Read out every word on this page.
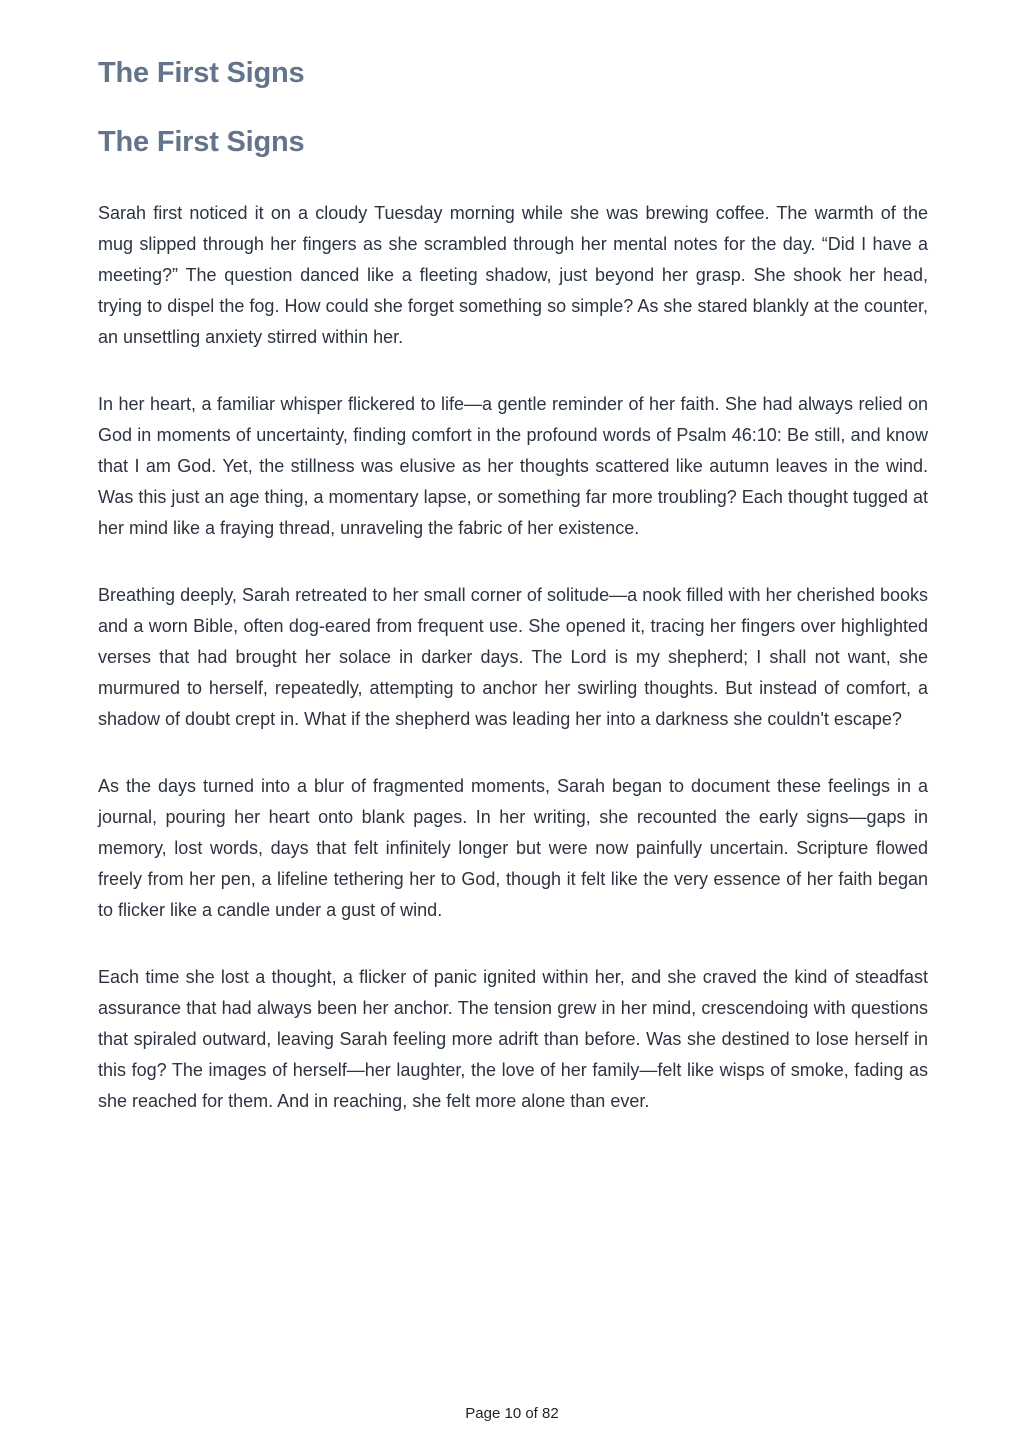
The First Signs
The First Signs

Sarah first noticed it on a cloudy Tuesday morning while she was brewing coffee. The warmth of the mug slipped through her fingers as she scrambled through her mental notes for the day. “Did I have a meeting?” The question danced like a fleeting shadow, just beyond her grasp. She shook her head, trying to dispel the fog. How could she forget something so simple? As she stared blankly at the counter, an unsettling anxiety stirred within her.

In her heart, a familiar whisper flickered to life—a gentle reminder of her faith. She had always relied on God in moments of uncertainty, finding comfort in the profound words of Psalm 46:10: Be still, and know that I am God. Yet, the stillness was elusive as her thoughts scattered like autumn leaves in the wind. Was this just an age thing, a momentary lapse, or something far more troubling? Each thought tugged at her mind like a fraying thread, unraveling the fabric of her existence.

Breathing deeply, Sarah retreated to her small corner of solitude—a nook filled with her cherished books and a worn Bible, often dog-eared from frequent use. She opened it, tracing her fingers over highlighted verses that had brought her solace in darker days. The Lord is my shepherd; I shall not want, she murmured to herself, repeatedly, attempting to anchor her swirling thoughts. But instead of comfort, a shadow of doubt crept in. What if the shepherd was leading her into a darkness she couldn't escape?

As the days turned into a blur of fragmented moments, Sarah began to document these feelings in a journal, pouring her heart onto blank pages. In her writing, she recounted the early signs—gaps in memory, lost words, days that felt infinitely longer but were now painfully uncertain. Scripture flowed freely from her pen, a lifeline tethering her to God, though it felt like the very essence of her faith began to flicker like a candle under a gust of wind.

Each time she lost a thought, a flicker of panic ignited within her, and she craved the kind of steadfast assurance that had always been her anchor. The tension grew in her mind, crescendoing with questions that spiraled outward, leaving Sarah feeling more adrift than before. Was she destined to lose herself in this fog? The images of herself—her laughter, the love of her family—felt like wisps of smoke, fading as she reached for them. And in reaching, she felt more alone than ever.

Page 10 of 82
